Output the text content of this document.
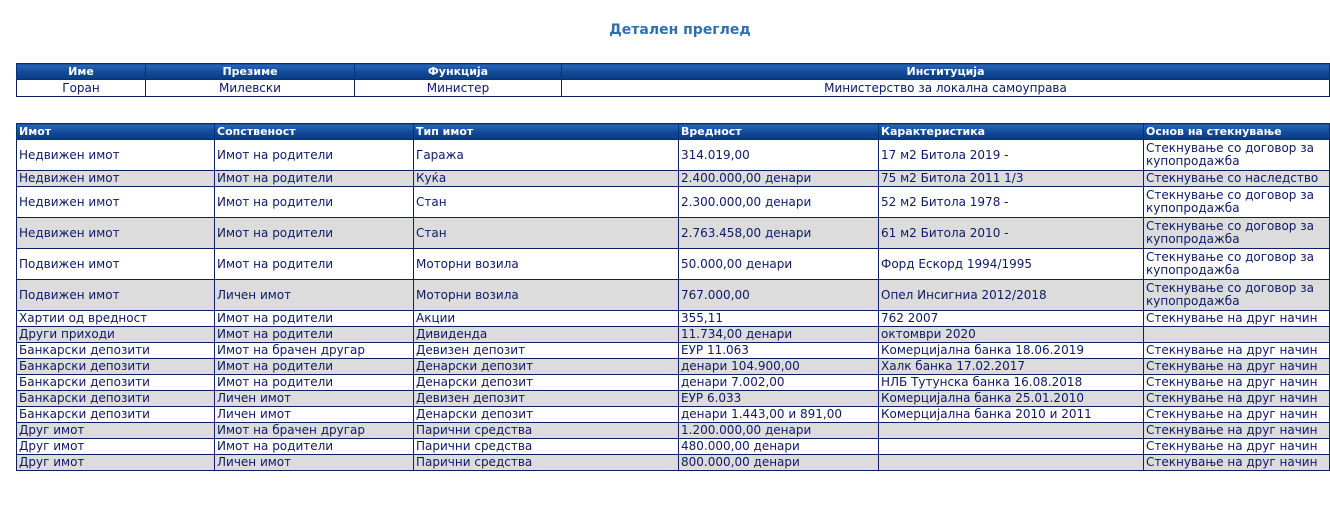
Детален преглед
Име	Презиме	Функција	Институција
Горан	Милевски	Министер	Министерство за локална самоуправа
Имот	Сопственост	Тип имот	Вредност	Карактеристика	Основ на стекнување
Недвижен имот	Имот на родители	Гаража	314.019,00	17 м2 Битола 2019 -	Стекнување со договор за купопродажба
Недвижен имот	Имот на родители	Куќа	2.400.000,00 денари	75 м2 Битола 2011 1/3	Стекнување со наследство
Недвижен имот	Имот на родители	Стан	2.300.000,00 денари	52 м2 Битола 1978 -	Стекнување со договор за купопродажба
Недвижен имот	Имот на родители	Стан	2.763.458,00 денари	61 м2 Битола 2010 -	Стекнување со договор за купопродажба
Подвижен имот	Имот на родители	Моторни возила	50.000,00 денари	Форд Ескорд 1994/1995	Стекнување со договор за купопродажба
Подвижен имот	Личен имот	Моторни возила	767.000,00	Опел Инсигниа 2012/2018	Стекнување со договор за купопродажба
Хартии од вредност	Имот на родители	Акции	355,11	762 2007	Стекнување на друг начин
Други приходи	Имот на родители	Дивиденда	11.734,00 денари	октомври 2020	
Банкарски депозити	Имот на брачен другар	Девизен депозит	ЕУР 11.063	Комерцијална банка 18.06.2019	Стекнување на друг начин
Банкарски депозити	Имот на родители	Денарски депозит	денари 104.900,00	Халк банка 17.02.2017	Стекнување на друг начин
Банкарски депозити	Имот на родители	Денарски депозит	денари 7.002,00	НЛБ Тутунска банка 16.08.2018	Стекнување на друг начин
Банкарски депозити	Личен имот	Девизен депозит	ЕУР 6.033	Комерцијална банка 25.01.2010	Стекнување на друг начин
Банкарски депозити	Личен имот	Денарски депозит	денари 1.443,00 и 891,00	Комерцијална банка 2010 и 2011	Стекнување на друг начин
Друг имот	Имот на брачен другар	Парични средства	1.200.000,00 денари		Стекнување на друг начин
Друг имот	Имот на родители	Парични средства	480.000,00 денари		Стекнување на друг начин
Друг имот	Личен имот	Парични средства	800.000,00 денари		Стекнување на друг начин
